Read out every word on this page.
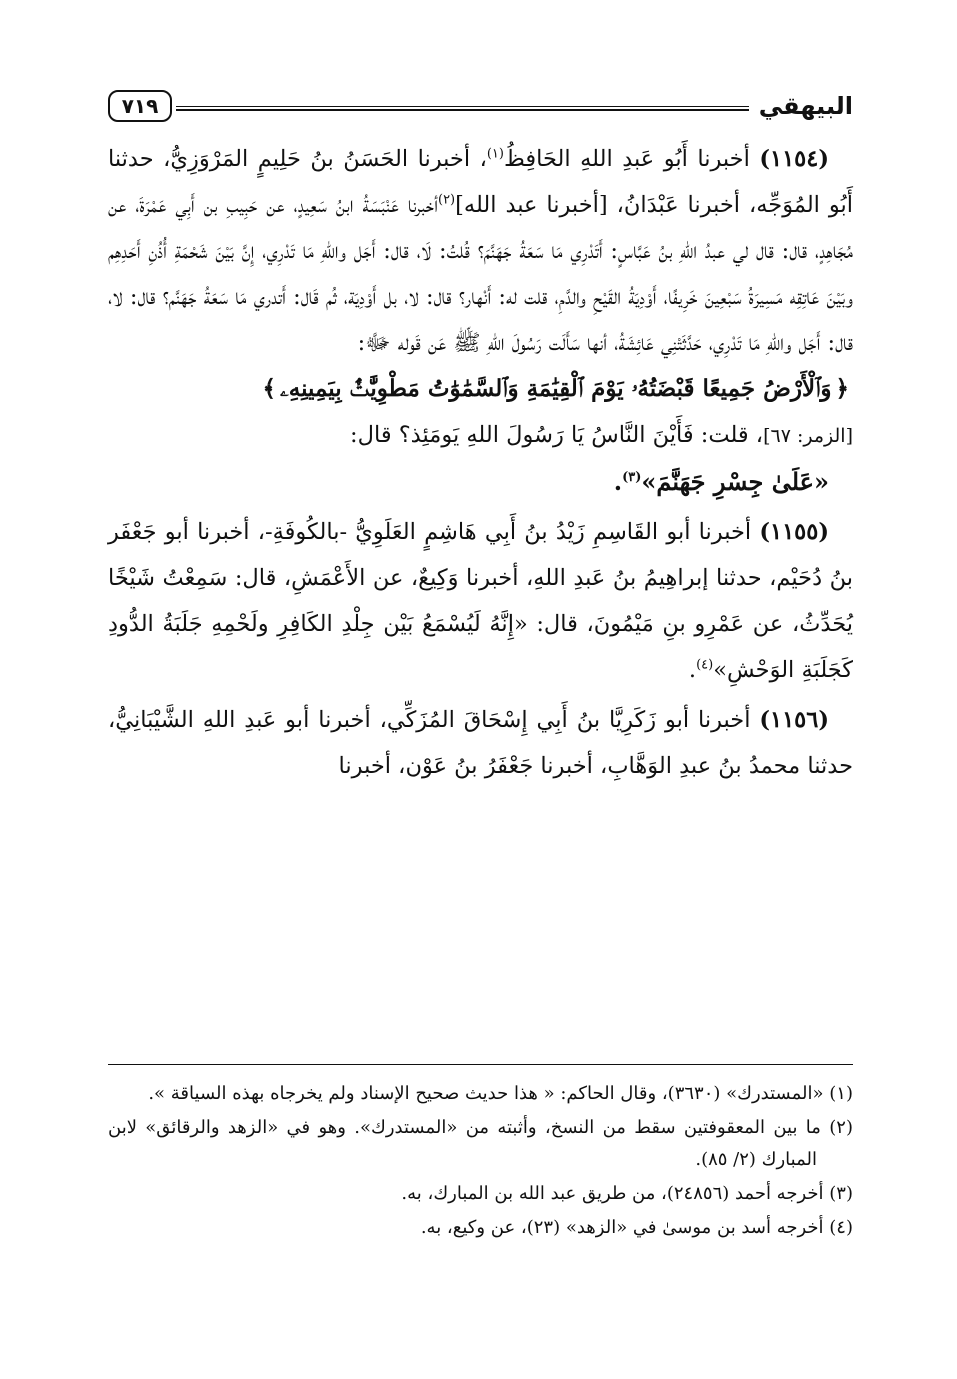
البيهقي
٧١٩

(١١٥٤) أخبرنا أَبُو عَبدِ اللهِ الحَافِظُ$^{(١)}$، أخبرنا الحَسَنُ بنُ حَلِيمٍ المَرْوَزِيُّ، حدثنا أَبُو المُوَجِّه، أخبرنا عَبْدَانُ، [أخبرنا عبد الله]$^{(٢)}$أخبرنا عَنْبَسَةُ ابنُ سَعِيدٍ، عن حَبِيبِ بن أَبِي عَمْرَةَ، عن مُجَاهِدٍ، قال: قال لي عبدُ اللهِ بنُ عَبَّاسٍ: أَتَدْرِي مَا سَعَةُ جَهَنَّمَ؟ قُلتُ: لَا، قال: أَجَل واللهِ مَا تَدْرِي، إِنَّ بَيْنَ شَحْمَةِ أُذُنِ أَحَدِهِم وبَيْنَ عَاتِقِه مَسِيرَةُ سَبْعِينَ خَرِيفًا، أَوْدِيَةُ القَيْحِ والدَّمِ، قلت له: أَنْهار؟ قال: لا، بل أَوْدِيَة، ثُم قَال: أَتدري مَا سَعَةُ جَهَنَّم؟ قال: لا، قال: أَجَل واللهِ مَا تَدْرِي، حَدَّثَتْنِي عَائِشَةُ، أنها سَأَلَت رَسُولَ اللهِ ﷺ عَن قَوله ﷻ:
﴿وَٱلْأَرْضُ جَمِيعًا قَبْضَتُهُۥ يَوْمَ ٱلْقِيَٰمَةِ وَٱلسَّمَٰوَٰتُ مَطْوِيَّٰتٌۢ بِيَمِينِهِۦ﴾
[الزمر: ٦٧]، قلت: فَأَيْنَ النَّاسُ يَا رَسُولَ اللهِ يَومَئِذ؟ قال:
«عَلَىٰ جِسْرِ جَهَنَّمَ»$^{(٣)}$.

(١١٥٥) أخبرنا أبو القَاسِمِ زَيْدُ بنُ أَبِي هَاشِمٍ العَلَوِيُّ -بالكُوفَةِ-، أخبرنا أبو جَعْفَر بنُ دُحَيْم، حدثنا إبراهِيمُ بنُ عَبدِ اللهِ، أخبرنا وَكِيعٌ، عن الأَعْمَشِ، قال: سَمِعْتُ شَيْخًا يُحَدِّثُ، عن عَمْرِو بنِ مَيْمُونَ، قال: «إِنَّهُ لَيُسْمَعُ بَيْن جِلْدِ الكَافِرِ ولَحْمِهِ جَلَبَةُ الدُّودِ كَجَلَبَةِ الوَحْشِ»$^{(٤)}$.

(١١٥٦) أخبرنا أبو زَكَرِيَّا بنُ أَبِي إِسْحَاقَ المُزَكِّي، أخبرنا أبو عَبدِ اللهِ الشَّيْبَانِيُّ، حدثنا محمدُ بنُ عبدِ الوَهَّابِ، أخبرنا جَعْفَرُ بنُ عَوْن، أخبرنا

(١) «المستدرك» (٣٦٣٠)، وقال الحاكم: « هذا حديث صحيح الإسناد ولم يخرجاه بهذه السياقة ».

(٢) ما بين المعقوفتين سقط من النسخ، وأثبته من «المستدرك». وهو في «الزهد والرقائق» لابن المبارك (٢/ ٨٥).

(٣) أخرجه أحمد (٢٤٨٥٦)، من طريق عبد الله بن المبارك، به.

(٤) أخرجه أسد بن موسىٰ في «الزهد» (٢٣)، عن وكيع، به.
